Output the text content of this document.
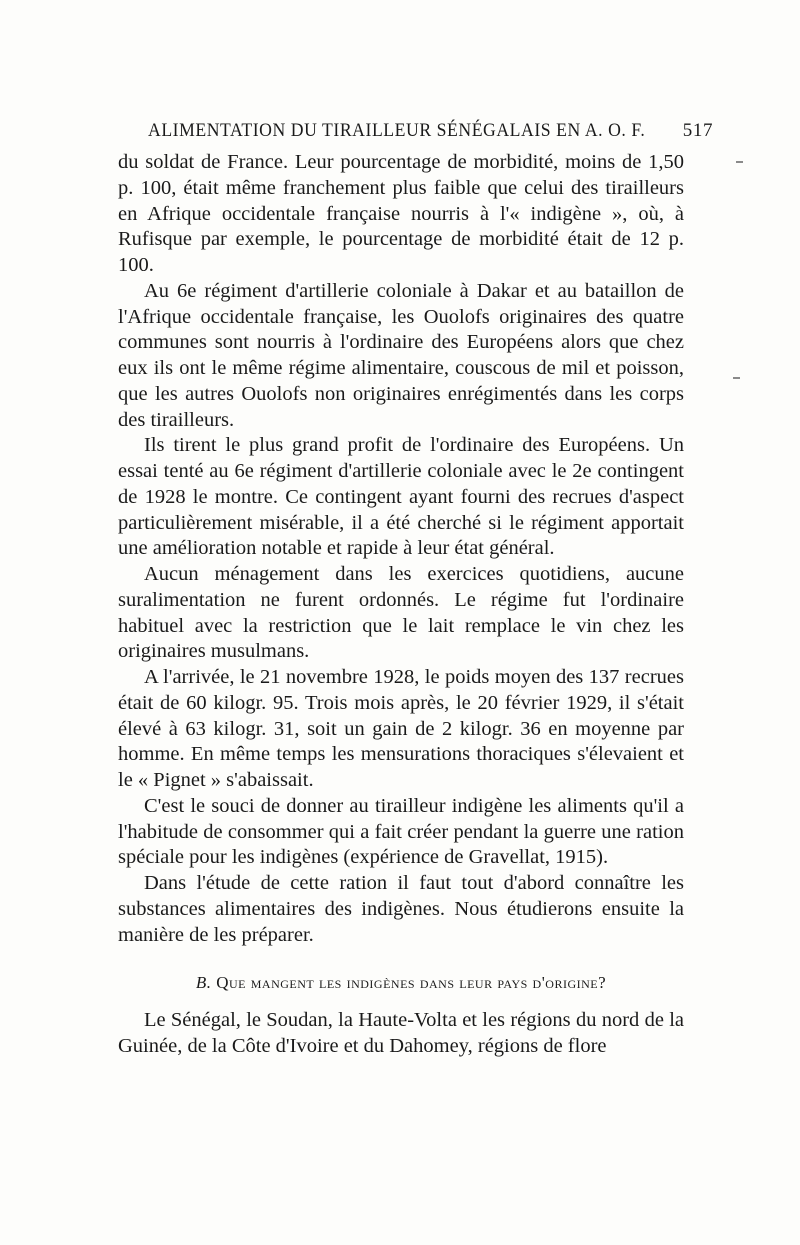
ALIMENTATION DU TIRAILLEUR SÉNÉGALAIS EN A. O. F. 517

du soldat de France. Leur pourcentage de morbidité, moins de 1,50 p. 100, était même franchement plus faible que celui des tirailleurs en Afrique occidentale française nourris à l'« indigène », où, à Rufisque par exemple, le pourcentage de morbidité était de 12 p. 100.

Au 6e régiment d'artillerie coloniale à Dakar et au bataillon de l'Afrique occidentale française, les Ouolofs originaires des quatre communes sont nourris à l'ordinaire des Européens alors que chez eux ils ont le même régime alimentaire, couscous de mil et poisson, que les autres Ouolofs non originaires enrégimentés dans les corps des tirailleurs.

Ils tirent le plus grand profit de l'ordinaire des Européens. Un essai tenté au 6e régiment d'artillerie coloniale avec le 2e contingent de 1928 le montre. Ce contingent ayant fourni des recrues d'aspect particulièrement misérable, il a été cherché si le régiment apportait une amélioration notable et rapide à leur état général.

Aucun ménagement dans les exercices quotidiens, aucune suralimentation ne furent ordonnés. Le régime fut l'ordinaire habituel avec la restriction que le lait remplace le vin chez les originaires musulmans.

A l'arrivée, le 21 novembre 1928, le poids moyen des 137 recrues était de 60 kilogr. 95. Trois mois après, le 20 février 1929, il s'était élevé à 63 kilogr. 31, soit un gain de 2 kilogr. 36 en moyenne par homme. En même temps les mensurations thoraciques s'élevaient et le « Pignet » s'abaissait.

C'est le souci de donner au tirailleur indigène les aliments qu'il a l'habitude de consommer qui a fait créer pendant la guerre une ration spéciale pour les indigènes (expérience de Gravellat, 1915).

Dans l'étude de cette ration il faut tout d'abord connaître les substances alimentaires des indigènes. Nous étudierons ensuite la manière de les préparer.

B. Que mangent les indigènes dans leur pays d'origine?

Le Sénégal, le Soudan, la Haute-Volta et les régions du nord de la Guinée, de la Côte d'Ivoire et du Dahomey, régions de flore
